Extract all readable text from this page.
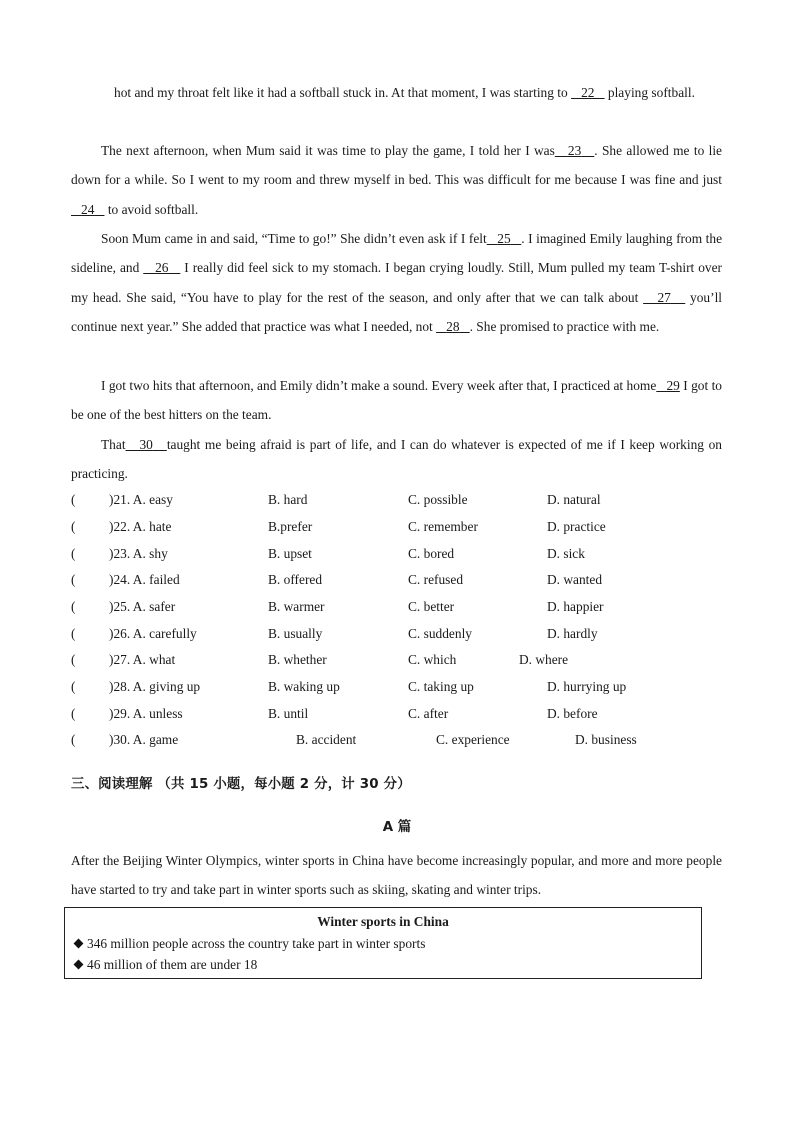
hot and my throat felt like it had a softball stuck in. At that moment, I was starting to    22    playing softball.

The next afternoon, when Mum said it was time to play the game, I told her I was 23 . She allowed me to lie down for a while. So I went to my room and threw myself in bed. This was difficult for me because I was fine and just    24    to avoid softball.

Soon Mum came in and said, “Time to go!” She didn’t even ask if I felt 25 . I imagined Emily laughing from the sideline, and    26    I really did feel sick to my stomach. I began crying loudly. Still, Mum pulled my team T-shirt over my head. She said, “You have to play for the rest of the season, and only after that we can talk about    27    you’ll continue next year.” She added that practice was what I needed, not    28 . She promised to practice with me.

I got two hits that afternoon, and Emily didn’t make a sound. Every week after that, I practiced at home 29 I got to be one of the best hitters on the team.

That 30 taught me being afraid is part of life, and I can do whatever is expected of me if I keep working on practicing.

(	)21. A. easy	B. hard	C. possible	D. natural
(	)22. A. hate	B.prefer	C. remember	D. practice
(	)23. A. shy	B. upset	C. bored	D. sick
(	)24. A. failed	B. offered	C. refused	D. wanted
(	)25. A. safer	B. warmer	C. better	D. happier
(	)26. A. carefully	B. usually	C. suddenly	D. hardly
(	)27. A. what	B. whether	C. which	D. where
(	)28. A. giving up	B. waking up	C. taking up	D. hurrying up
(	)29. A. unless	B. until	C. after	D. before
(	)30. A. game	B. accident	C. experience	D. business
三、阅读理解 （共 15 小题，每小题 2 分，计 30 分）
A 篇

After the Beijing Winter Olympics, winter sports in China have become increasingly popular, and more and more people have started to try and take part in winter sports such as skiing, skating and winter trips.

Winter sports in China
346 million people across the country take part in winter sports
46 million of them are under 18
